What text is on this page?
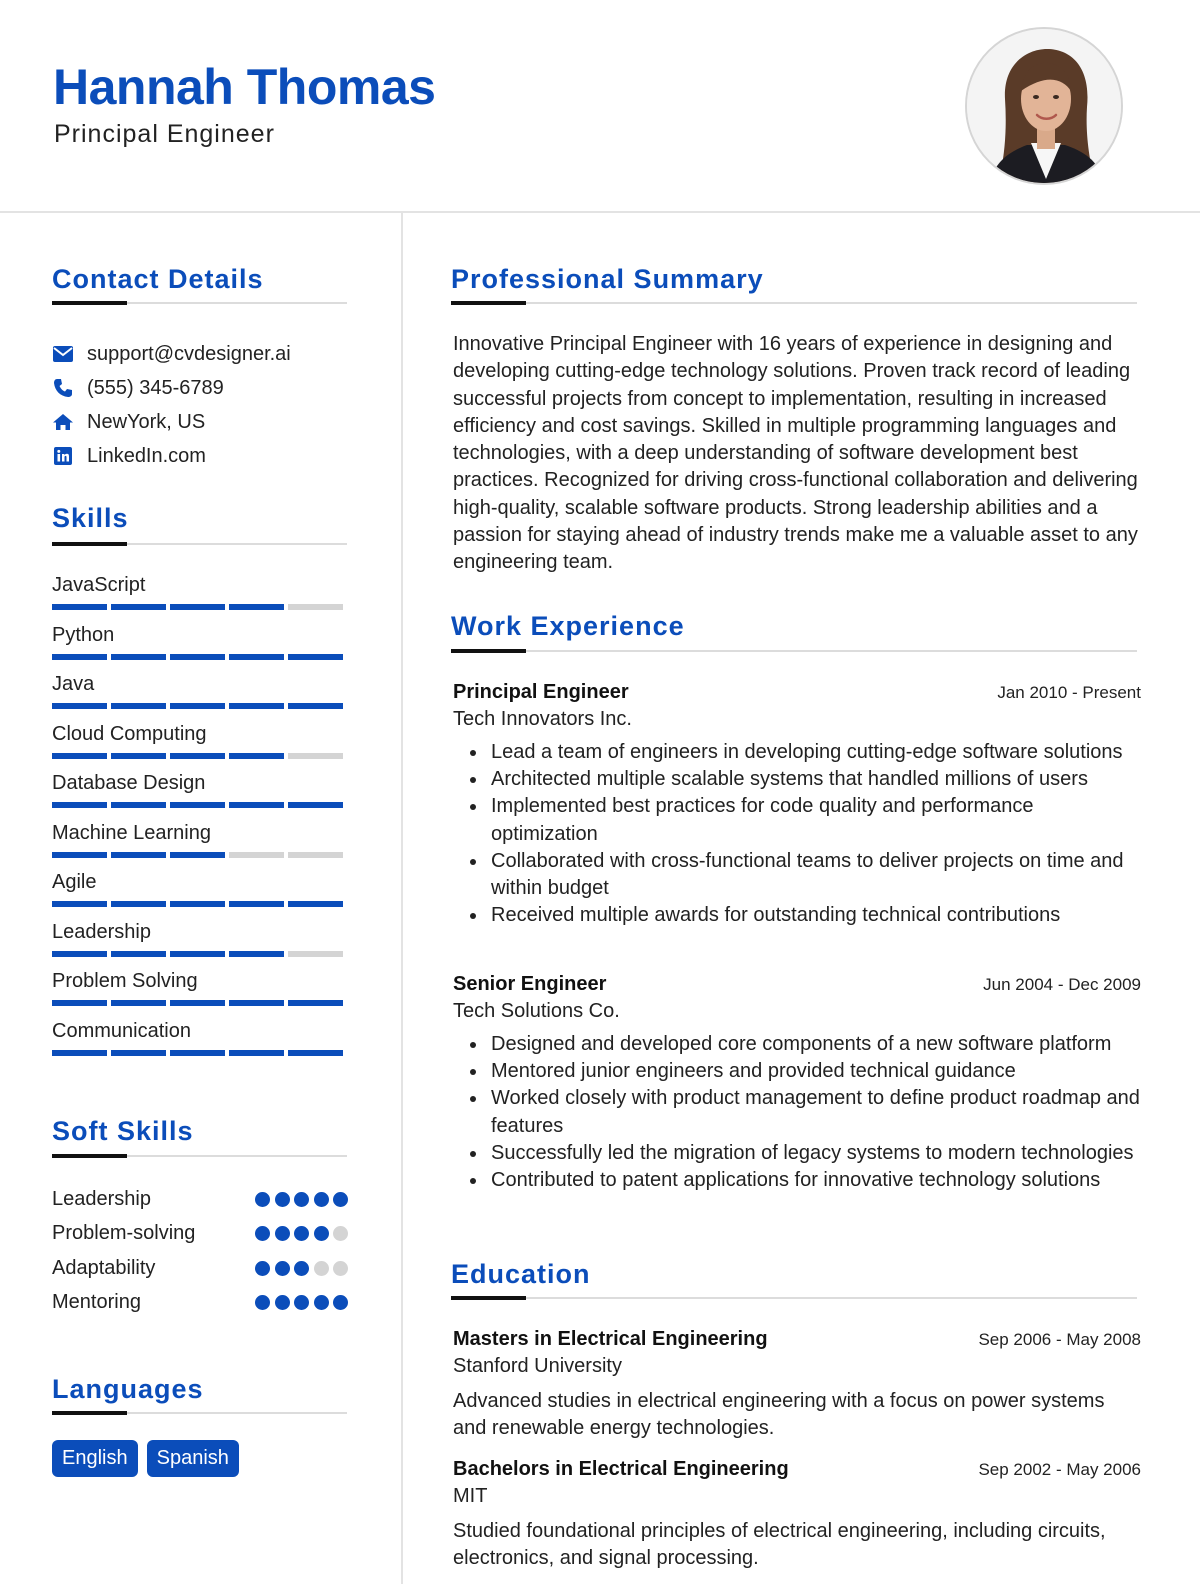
Hannah Thomas
Principal Engineer
Contact Details
support@cvdesigner.ai
(555) 345-6789
NewYork, US
LinkedIn.com
Skills
JavaScript
Python
Java
Cloud Computing
Database Design
Machine Learning
Agile
Leadership
Problem Solving
Communication
Soft Skills
Leadership
Problem-solving
Adaptability
Mentoring
Languages
English	Spanish
Professional Summary
Innovative Principal Engineer with 16 years of experience in designing and developing cutting-edge technology solutions. Proven track record of leading successful projects from concept to implementation, resulting in increased efficiency and cost savings. Skilled in multiple programming languages and technologies, with a deep understanding of software development best practices. Recognized for driving cross-functional collaboration and delivering high-quality, scalable software products. Strong leadership abilities and a passion for staying ahead of industry trends make me a valuable asset to any engineering team.
Work Experience
Principal Engineer	Jan 2010 - Present
Tech Innovators Inc.
Lead a team of engineers in developing cutting-edge software solutions
Architected multiple scalable systems that handled millions of users
Implemented best practices for code quality and performance optimization
Collaborated with cross-functional teams to deliver projects on time and within budget
Received multiple awards for outstanding technical contributions
Senior Engineer	Jun 2004 - Dec 2009
Tech Solutions Co.
Designed and developed core components of a new software platform
Mentored junior engineers and provided technical guidance
Worked closely with product management to define product roadmap and features
Successfully led the migration of legacy systems to modern technologies
Contributed to patent applications for innovative technology solutions
Education
Masters in Electrical Engineering	Sep 2006 - May 2008
Stanford University
Advanced studies in electrical engineering with a focus on power systems and renewable energy technologies.
Bachelors in Electrical Engineering	Sep 2002 - May 2006
MIT
Studied foundational principles of electrical engineering, including circuits, electronics, and signal processing.
